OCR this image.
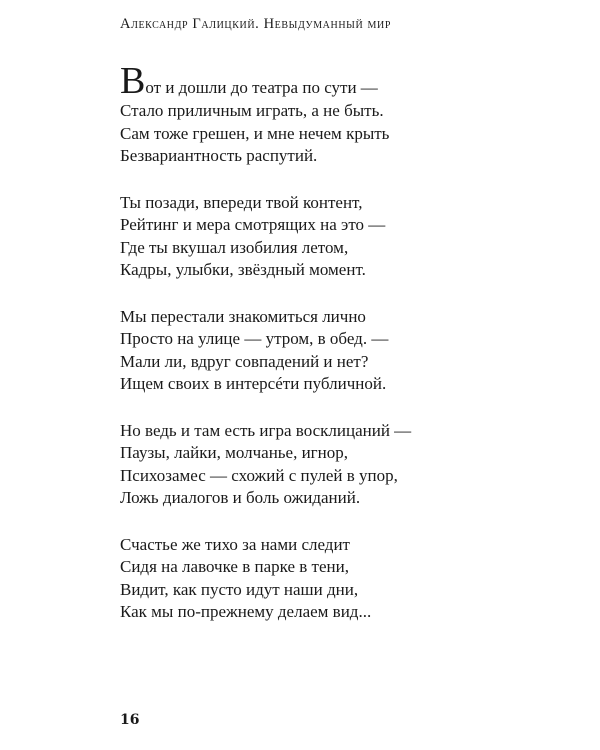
Александр Галицкий. Невыдуманный мир
Вот и дошли до театра по сути —
Стало приличным играть, а не быть.
Сам тоже грешен, и мне нечем крыть
Безвариантность распутий.
Ты позади, впереди твой контент,
Рейтинг и мера смотрящих на это —
Где ты вкушал изобилия летом,
Кадры, улыбки, звёздный момент.
Мы перестали знакомиться лично
Просто на улице — утром, в обед. —
Мали ли, вдруг совпадений и нет?
Ищем своих в интерсéти публичной.
Но ведь и там есть игра восклицаний —
Паузы, лайки, молчанье, игнор,
Психозамес — схожий с пулей в упор,
Ложь диалогов и боль ожиданий.
Счастье же тихо за нами следит
Сидя на лавочке в парке в тени,
Видит, как пусто идут наши дни,
Как мы по-прежнему делаем вид...
16
